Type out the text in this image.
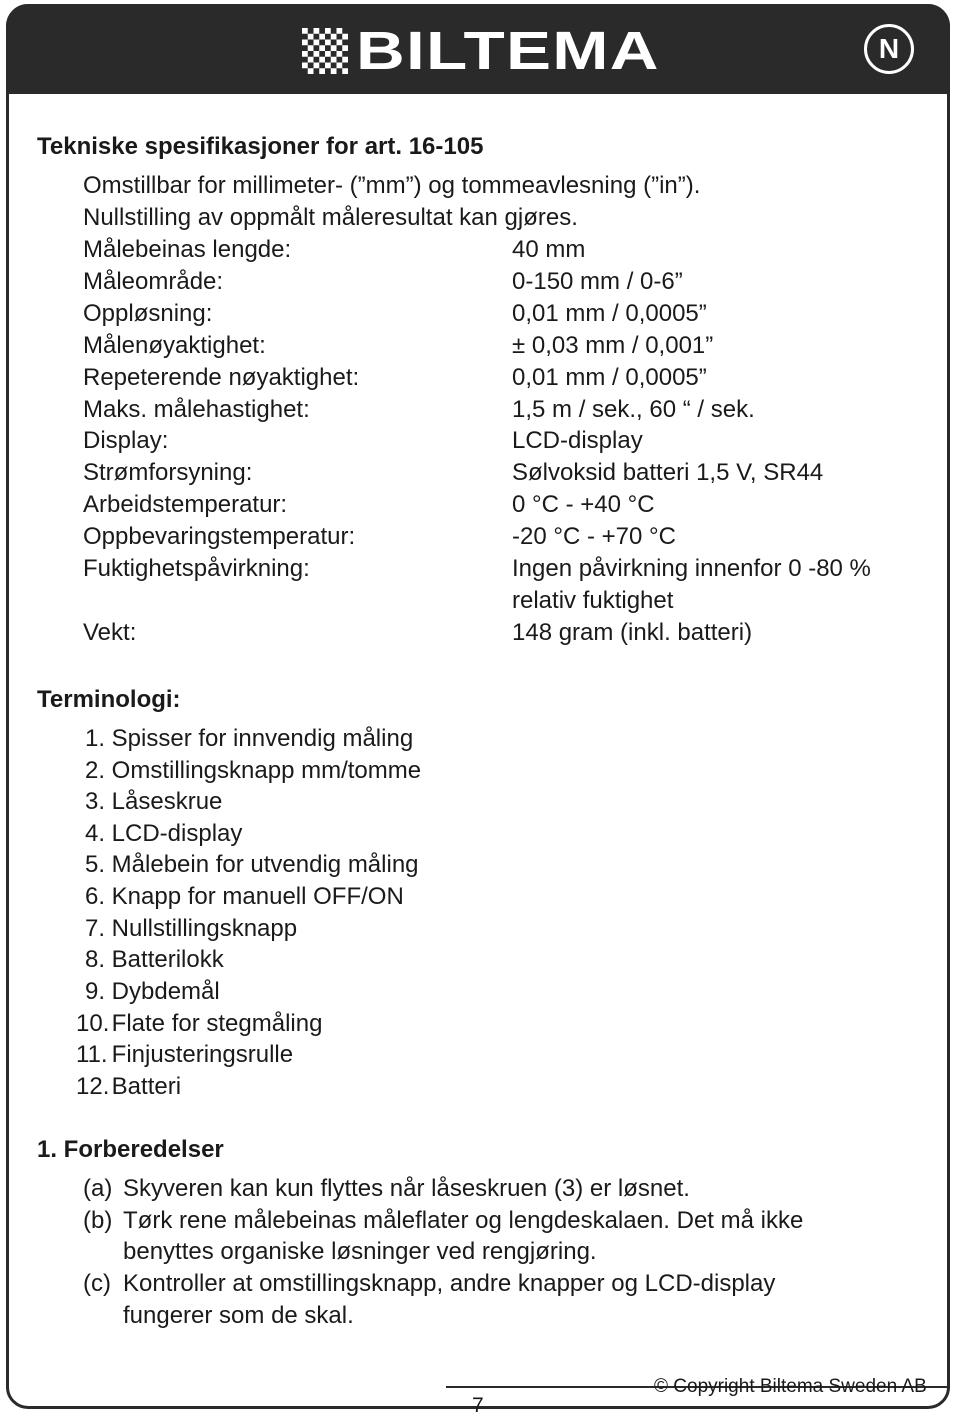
BILTEMA	N
Tekniske spesifikasjoner for art. 16-105
Omstillbar for millimeter- (”mm”) og tommeavlesning (”in”).
Nullstilling av oppmålt måleresultat kan gjøres.
Målebeinas lengde:	40 mm
Måleområde:	0-150 mm / 0-6”
Oppløsning:	0,01 mm / 0,0005”
Målenøyaktighet:	± 0,03 mm / 0,001”
Repeterende nøyaktighet:	0,01 mm / 0,0005”
Maks. målehastighet:	1,5 m / sek., 60 “ / sek.
Display:	LCD-display
Strømforsyning:	Sølvoksid batteri 1,5 V, SR44
Arbeidstemperatur:	0 °C - +40 °C
Oppbevaringstemperatur:	-20 °C - +70 °C
Fuktighetspåvirkning:	Ingen påvirkning innenfor 0 -80 %
relativ fuktighet
Vekt:	148 gram (inkl. batteri)
Terminologi:
1. Spisser for innvendig måling
2. Omstillingsknapp mm/tomme
3. Låseskrue
4. LCD-display
5. Målebein for utvendig måling
6. Knapp for manuell OFF/ON
7. Nullstillingsknapp
8. Batterilokk
9. Dybdemål
10. Flate for stegmåling
11. Finjusteringsrulle
12. Batteri
1. Forberedelser
(a) Skyveren kan kun flyttes når låseskruen (3) er løsnet.
(b) Tørk rene målebeinas måleflater og lengdeskalaen. Det må ikke
benyttes organiske løsninger ved rengjøring.
(c) Kontroller at omstillingsknapp, andre knapper og LCD-display
fungerer som de skal.
7
© Copyright Biltema Sweden AB
